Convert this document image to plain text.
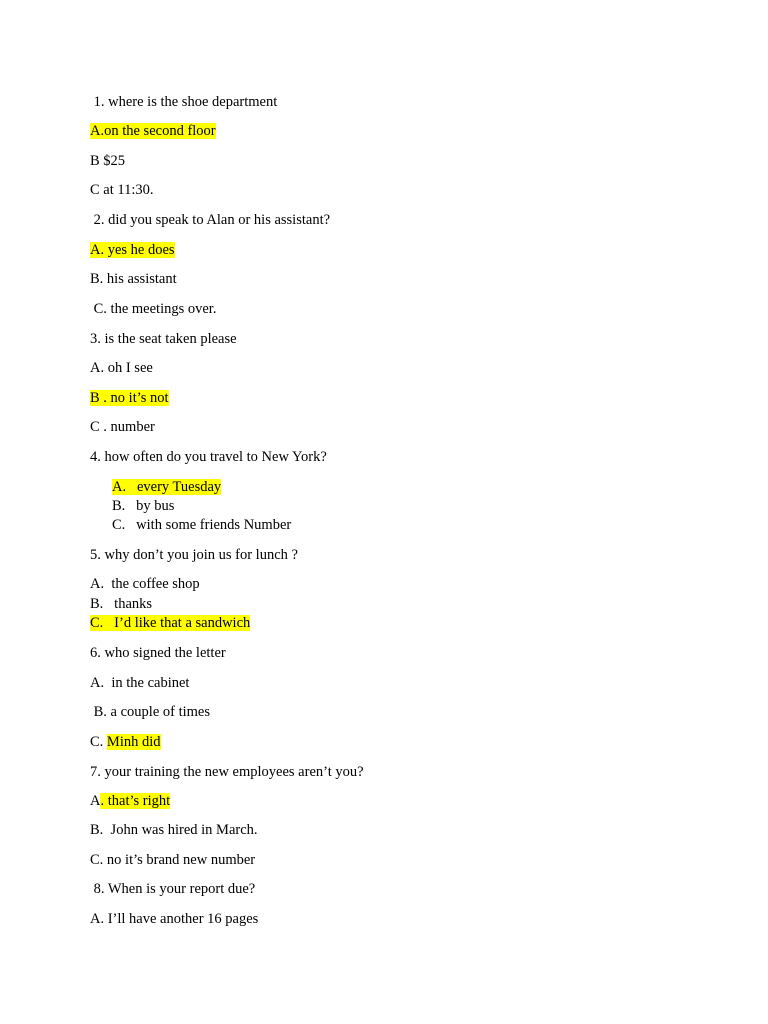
1. where is the shoe department
A.on the second floor
B $25
C at 11:30.
2. did you speak to Alan or his assistant?
A. yes he does
B. his assistant
C. the meetings over.
3. is the seat taken please
A. oh I see
B . no it’s not
C . number
4. how often do you travel to New York?
A.   every Tuesday
B.   by bus
C.   with some friends Number
5. why don’t you join us for lunch ?
A.  the coffee shop
B.   thanks
C.   I’d like that a sandwich
6. who signed the letter
A.  in the cabinet
B. a couple of times
C. Minh did
7. your training the new employees aren’t you?
A. that’s right
B.  John was hired in March.
C. no it’s brand new number
8. When is your report due?
A. I’ll have another 16 pages
